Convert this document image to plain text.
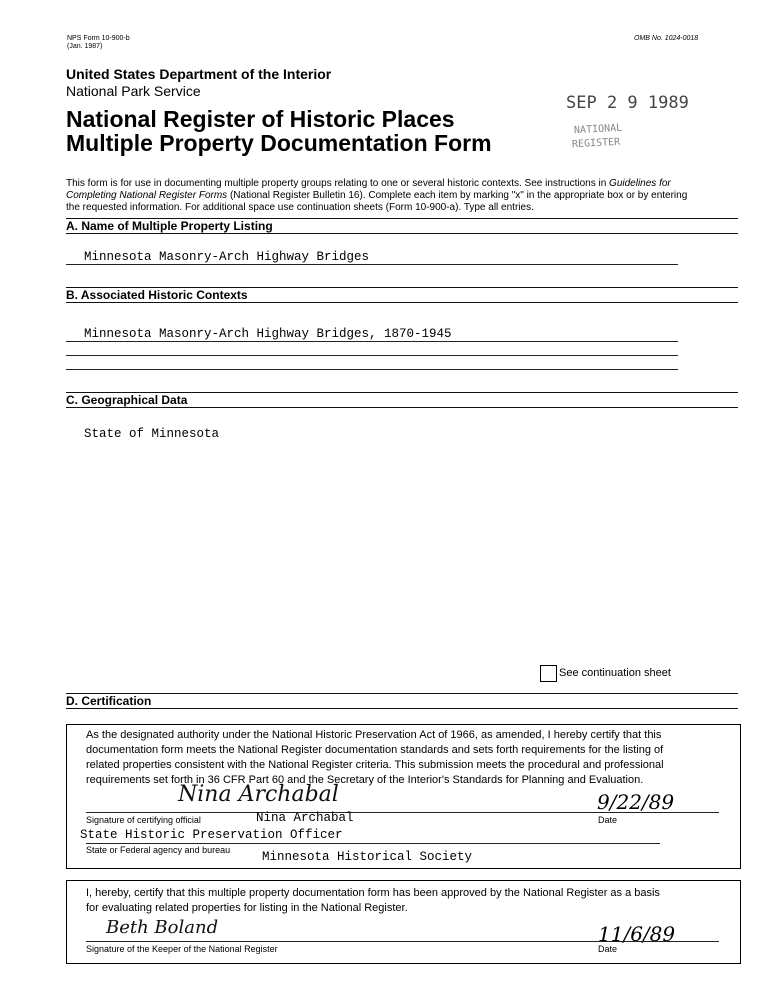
NPS Form 10-900-b
(Jan. 1987)
OMB No. 1024-0018
United States Department of the Interior
National Park Service
National Register of Historic Places
Multiple Property Documentation Form
SEP 2 9 1989
NATIONAL
REGISTER
This form is for use in documenting multiple property groups relating to one or several historic contexts. See instructions in Guidelines for
Completing National Register Forms (National Register Bulletin 16). Complete each item by marking "x" in the appropriate box or by entering
the requested information. For additional space use continuation sheets (Form 10-900-a). Type all entries.
A. Name of Multiple Property Listing
Minnesota Masonry-Arch Highway Bridges
B. Associated Historic Contexts
Minnesota Masonry-Arch Highway Bridges, 1870-1945
C. Geographical Data
State of Minnesota
See continuation sheet
D. Certification
As the designated authority under the National Historic Preservation Act of 1966, as amended, I hereby certify that this
documentation form meets the National Register documentation standards and sets forth requirements for the listing of
related properties consistent with the National Register criteria. This submission meets the procedural and professional
requirements set forth in 36 CFR Part 60 and the Secretary of the Interior's Standards for Planning and Evaluation.
Nina Archabal	9/22/89
Signature of certifying official	Nina Archabal	Date
State Historic Preservation Officer
State or Federal agency and bureau	Minnesota Historical Society
I, hereby, certify that this multiple property documentation form has been approved by the National Register as a basis
for evaluating related properties for listing in the National Register.
Beth Boland	11/6/89
Signature of the Keeper of the National Register	Date
